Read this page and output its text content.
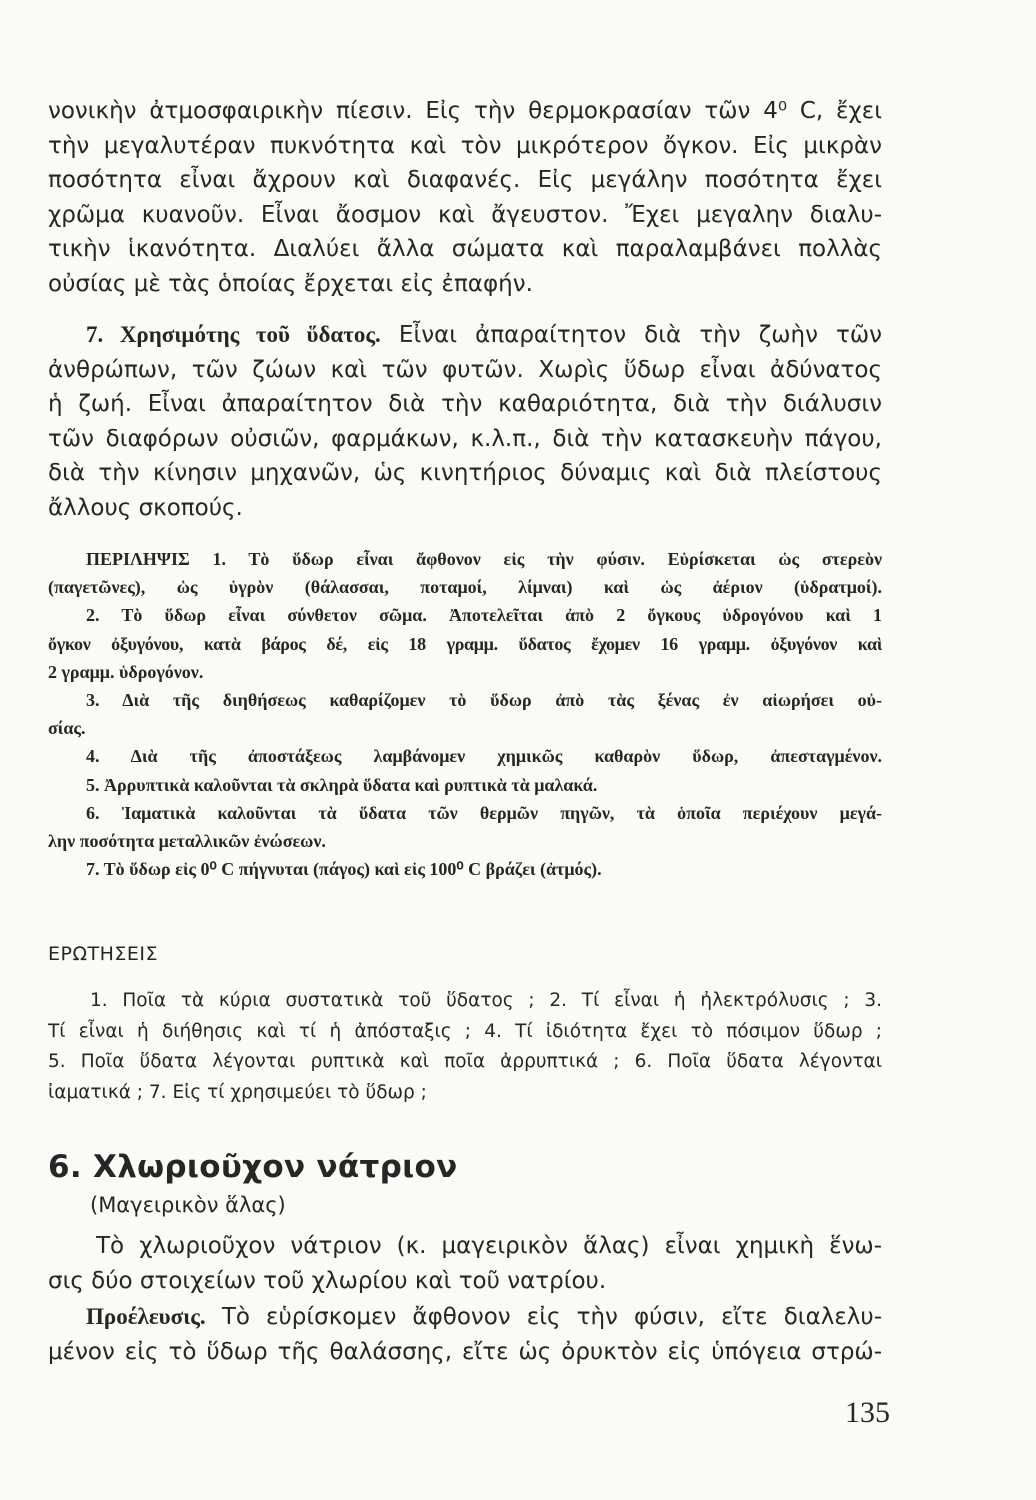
νονικὴν ἀτμοσφαιρικὴν πίεσιν. Εἰς τὴν θερμοκρασίαν τῶν 4⁰ C, ἔχει
τὴν μεγαλυτέραν πυκνότητα καὶ τὸν μικρότερον ὄγκον. Εἰς μικρὰν
ποσότητα εἶναι ἄχρουν καὶ διαφανές. Εἰς μεγάλην ποσότητα ἔχει
χρῶμα κυανοῦν. Εἶναι ἄοσμον καὶ ἄγευστον. Ἔχει μεγαλην διαλυ-
τικὴν ἱκανότητα. Διαλύει ἄλλα σώματα καὶ παραλαμβάνει πολλὰς
οὐσίας μὲ τὰς ὁποίας ἔρχεται εἰς ἐπαφήν.
7. Χρησιμότης τοῦ ὕδατος. Εἶναι ἀπαραίτητον διὰ τὴν ζωὴν τῶν
ἀνθρώπων, τῶν ζώων καὶ τῶν φυτῶν. Χωρὶς ὕδωρ εἶναι ἀδύνατος
ἡ ζωή. Εἶναι ἀπαραίτητον διὰ τὴν καθαριότητα, διὰ τὴν διάλυσιν
τῶν διαφόρων οὐσιῶν, φαρμάκων, κ.λ.π., διὰ τὴν κατασκευὴν πάγου,
διὰ τὴν κίνησιν μηχανῶν, ὡς κινητήριος δύναμις καὶ διὰ πλείστους
ἄλλους σκοπούς.
ΠΕΡΙΛΗΨΙΣ 1. Τὸ ὕδωρ εἶναι ἄφθονον εἰς τὴν φύσιν. Εὑρίσκεται ὡς στερεὸν
(παγετῶνες), ὡς ὑγρὸν (θάλασσαι, ποταμοί, λίμναι) καὶ ὡς ἀέριον (ὑδρατμοί).
2. Τὸ ὕδωρ εἶναι σύνθετον σῶμα. Ἀποτελεῖται ἀπὸ 2 ὄγκους ὑδρογόνου καὶ 1
ὄγκον ὀξυγόνου, κατὰ βάρος δέ, εἰς 18 γραμμ. ὕδατος ἔχομεν 16 γραμμ. ὀξυγόνον καὶ
2 γραμμ. ὑδρογόνον.
3. Διὰ τῆς διηθήσεως καθαρίζομεν τὸ ὕδωρ ἀπὸ τὰς ξένας ἐν αἰωρήσει οὐ-
σίας.
4. Διὰ τῆς ἀποστάξεως λαμβάνομεν χημικῶς καθαρὸν ὕδωρ, ἀπεσταγμένον.
5. Ἀρρυπτικὰ καλοῦνται τὰ σκληρὰ ὕδατα καὶ ρυπτικὰ τὰ μαλακά.
6. Ἰαματικὰ καλοῦνται τὰ ὕδατα τῶν θερμῶν πηγῶν, τὰ ὁποῖα περιέχουν μεγά-
λην ποσότητα μεταλλικῶν ἐνώσεων.
7. Τὸ ὕδωρ εἰς 0⁰ C πήγνυται (πάγος) καὶ εἰς 100⁰ C βράζει (ἀτμός).

ΕΡΩΤΗΣΕΙΣ

1. Ποῖα τὰ κύρια συστατικὰ τοῦ ὕδατος ; 2. Τί εἶναι ἡ ἠλεκτρόλυσις ; 3.
Τί εἶναι ἡ διήθησις καὶ τί ἡ ἀπόσταξις ; 4. Τί ἰδιότητα ἔχει τὸ πόσιμον ὕδωρ ;
5. Ποῖα ὕδατα λέγονται ρυπτικὰ καὶ ποῖα ἀρρυπτικά ; 6. Ποῖα ὕδατα λέγονται
ἰαματικά ; 7. Εἰς τί χρησιμεύει τὸ ὕδωρ ;
6. Χλωριοῦχον νάτριον

(Μαγειρικὸν ἅλας)

Τὸ χλωριοῦχον νάτριον (κ. μαγειρικὸν ἅλας) εἶναι χημικὴ ἕνω-
σις δύο στοιχείων τοῦ χλωρίου καὶ τοῦ νατρίου.
Προέλευσις. Τὸ εὑρίσκομεν ἄφθονον εἰς τὴν φύσιν, εἴτε διαλελυ-
μένον εἰς τὸ ὕδωρ τῆς θαλάσσης, εἴτε ὡς ὀρυκτὸν εἰς ὑπόγεια στρώ-
135
